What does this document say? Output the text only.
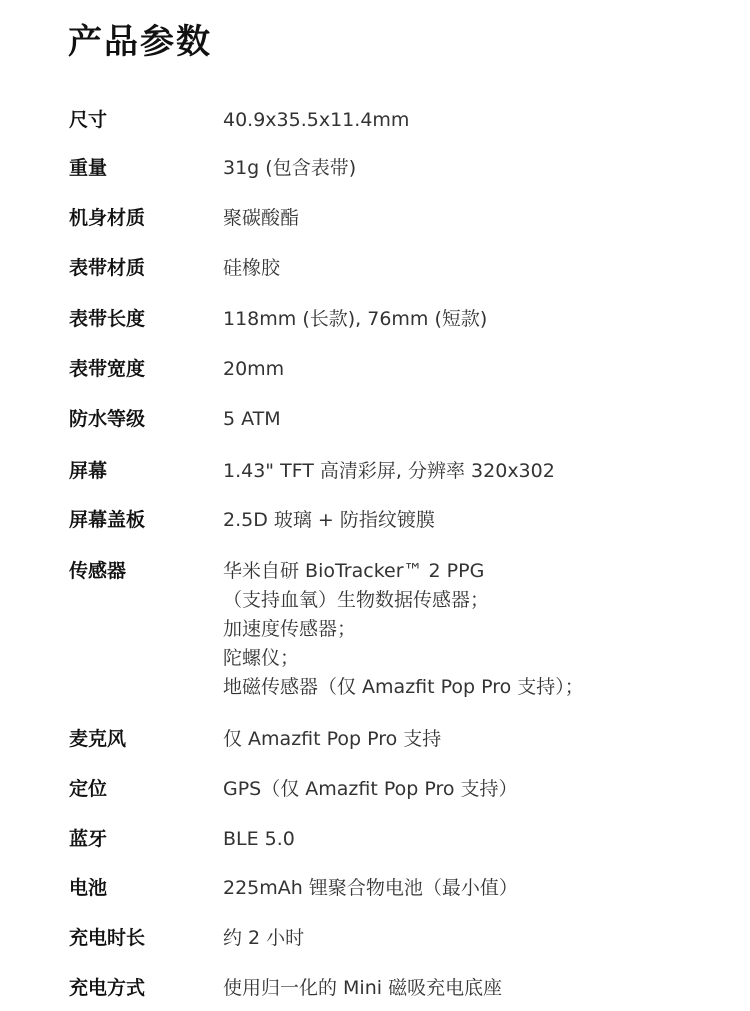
产品参数
尺寸	40.9x35.5x11.4mm
重量	31g (包含表带)
机身材质	聚碳酸酯
表带材质	硅橡胶
表带长度	118mm (长款), 76mm (短款)
表带宽度	20mm
防水等级	5 ATM
屏幕	1.43" TFT 高清彩屏, 分辨率 320x302
屏幕盖板	2.5D 玻璃 + 防指纹镀膜
传感器	华米自研 BioTracker™ 2 PPG
（支持血氧）生物数据传感器；
加速度传感器；
陀螺仪；
地磁传感器（仅 Amazfit Pop Pro 支持）；
麦克风	仅 Amazfit Pop Pro 支持
定位	GPS（仅 Amazfit Pop Pro 支持）
蓝牙	BLE 5.0
电池	225mAh 锂聚合物电池（最小值）
充电时长	约 2 小时
充电方式	使用归一化的 Mini 磁吸充电底座
